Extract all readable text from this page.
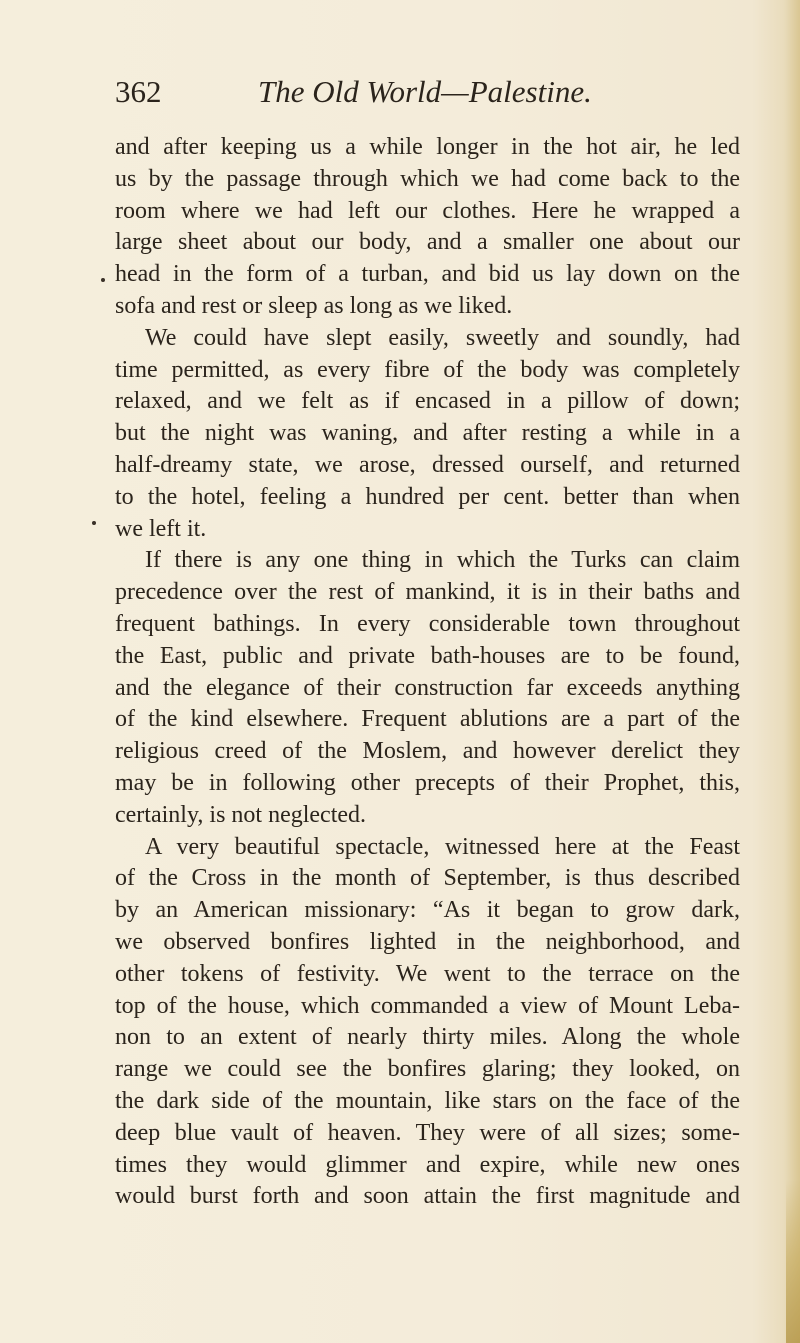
362	The Old World—Palestine.
and after keeping us a while longer in the hot air, he led
us by the passage through which we had come back to the
room where we had left our clothes. Here he wrapped a
large sheet about our body, and a smaller one about our
head in the form of a turban, and bid us lay down on the
sofa and rest or sleep as long as we liked.
We could have slept easily, sweetly and soundly, had
time permitted, as every fibre of the body was completely
relaxed, and we felt as if encased in a pillow of down;
but the night was waning, and after resting a while in a
half-dreamy state, we arose, dressed ourself, and returned
to the hotel, feeling a hundred per cent. better than when
we left it.
If there is any one thing in which the Turks can claim
precedence over the rest of mankind, it is in their baths and
frequent bathings. In every considerable town throughout
the East, public and private bath-houses are to be found,
and the elegance of their construction far exceeds anything
of the kind elsewhere. Frequent ablutions are a part of the
religious creed of the Moslem, and however derelict they
may be in following other precepts of their Prophet, this,
certainly, is not neglected.
A very beautiful spectacle, witnessed here at the Feast
of the Cross in the month of September, is thus described
by an American missionary: “As it began to grow dark,
we observed bonfires lighted in the neighborhood, and
other tokens of festivity. We went to the terrace on the
top of the house, which commanded a view of Mount Leba-
non to an extent of nearly thirty miles. Along the whole
range we could see the bonfires glaring; they looked, on
the dark side of the mountain, like stars on the face of the
deep blue vault of heaven. They were of all sizes; some-
times they would glimmer and expire, while new ones
would burst forth and soon attain the first magnitude and
